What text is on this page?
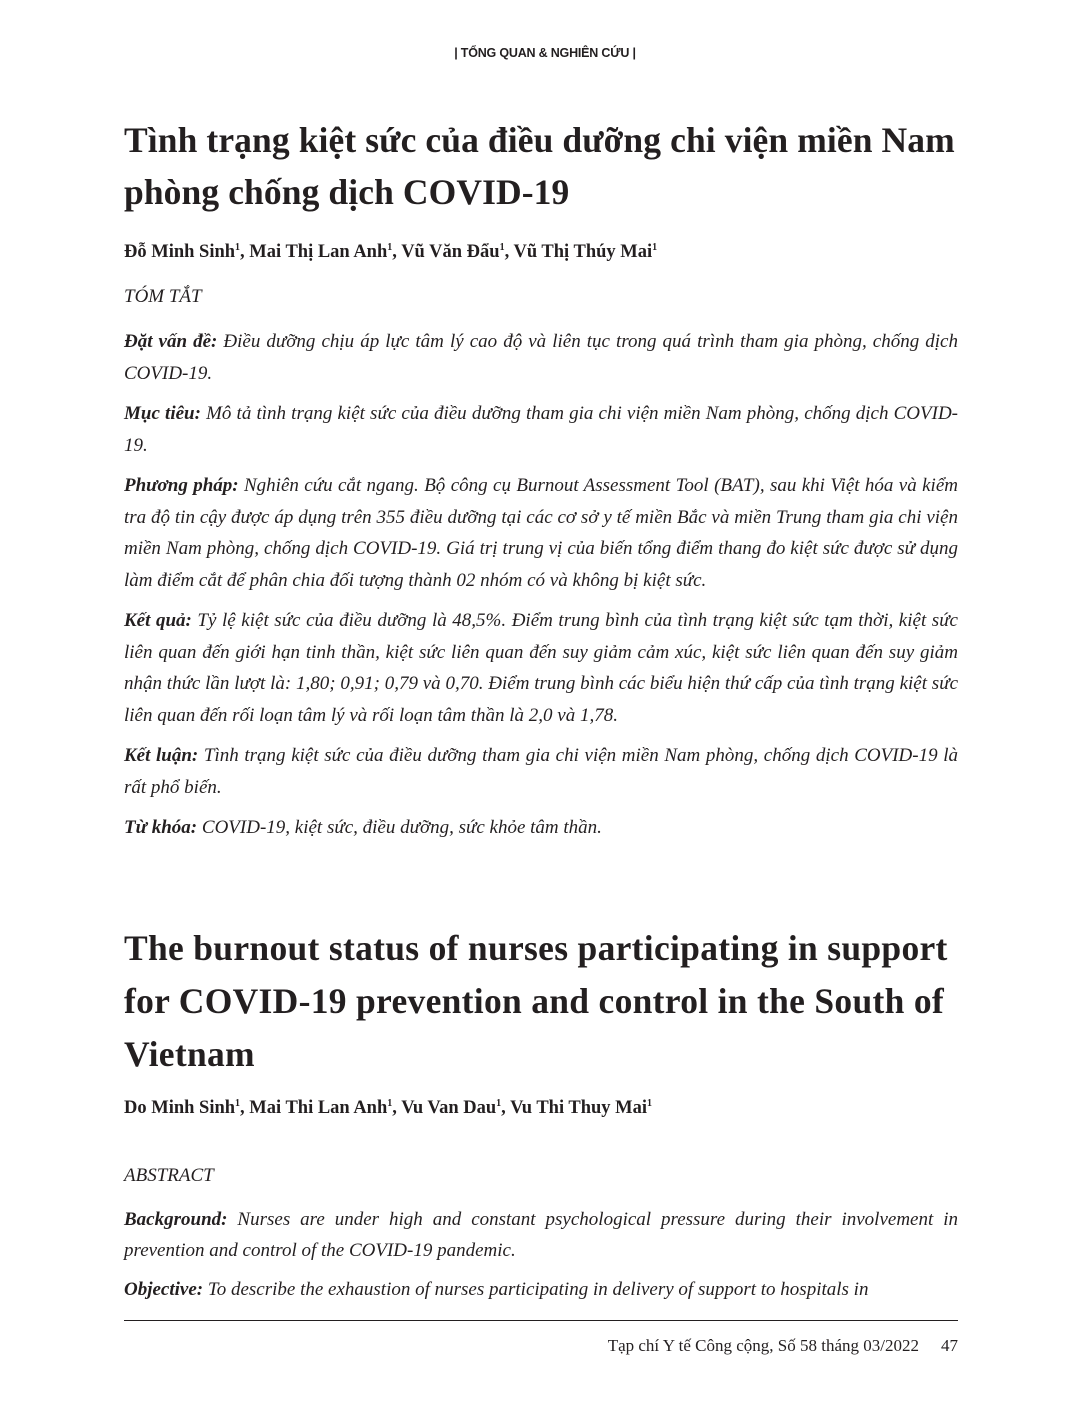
| TỔNG QUAN & NGHIÊN CỨU |
Tình trạng kiệt sức của điều dưỡng chi viện miền Nam phòng chống dịch COVID-19

Đỗ Minh Sinh$^1$, Mai Thị Lan Anh$^1$, Vũ Văn Đẩu$^1$, Vũ Thị Thúy Mai$^1$

TÓM TẮT

Đặt vấn đề: Điều dưỡng chịu áp lực tâm lý cao độ và liên tục trong quá trình tham gia phòng, chống dịch COVID-19.

Mục tiêu: Mô tả tình trạng kiệt sức của điều dưỡng tham gia chi viện miền Nam phòng, chống dịch COVID-19.

Phương pháp: Nghiên cứu cắt ngang. Bộ công cụ Burnout Assessment Tool (BAT), sau khi Việt hóa và kiểm tra độ tin cậy được áp dụng trên 355 điều dưỡng tại các cơ sở y tế miền Bắc và miền Trung tham gia chi viện miền Nam phòng, chống dịch COVID-19. Giá trị trung vị của biến tổng điểm thang đo kiệt sức được sử dụng làm điểm cắt để phân chia đối tượng thành 02 nhóm có và không bị kiệt sức.

Kết quả: Tỷ lệ kiệt sức của điều dưỡng là 48,5%. Điểm trung bình của tình trạng kiệt sức tạm thời, kiệt sức liên quan đến giới hạn tinh thần, kiệt sức liên quan đến suy giảm cảm xúc, kiệt sức liên quan đến suy giảm nhận thức lần lượt là: 1,80; 0,91; 0,79 và 0,70. Điểm trung bình các biểu hiện thứ cấp của tình trạng kiệt sức liên quan đến rối loạn tâm lý và rối loạn tâm thần là 2,0 và 1,78.

Kết luận: Tình trạng kiệt sức của điều dưỡng tham gia chi viện miền Nam phòng, chống dịch COVID-19 là rất phổ biến.

Từ khóa: COVID-19, kiệt sức, điều dưỡng, sức khỏe tâm thần.

The burnout status of nurses participating in support for COVID-19 prevention and control in the South of Vietnam

Do Minh Sinh$^1$, Mai Thi Lan Anh$^1$, Vu Van Dau$^1$, Vu Thi Thuy Mai$^1$

ABSTRACT

Background: Nurses are under high and constant psychological pressure during their involvement in prevention and control of the COVID-19 pandemic.

Objective: To describe the exhaustion of nurses participating in delivery of support to hospitals in

Tạp chí Y tế Công cộng, Số 58 tháng 03/2022 47
